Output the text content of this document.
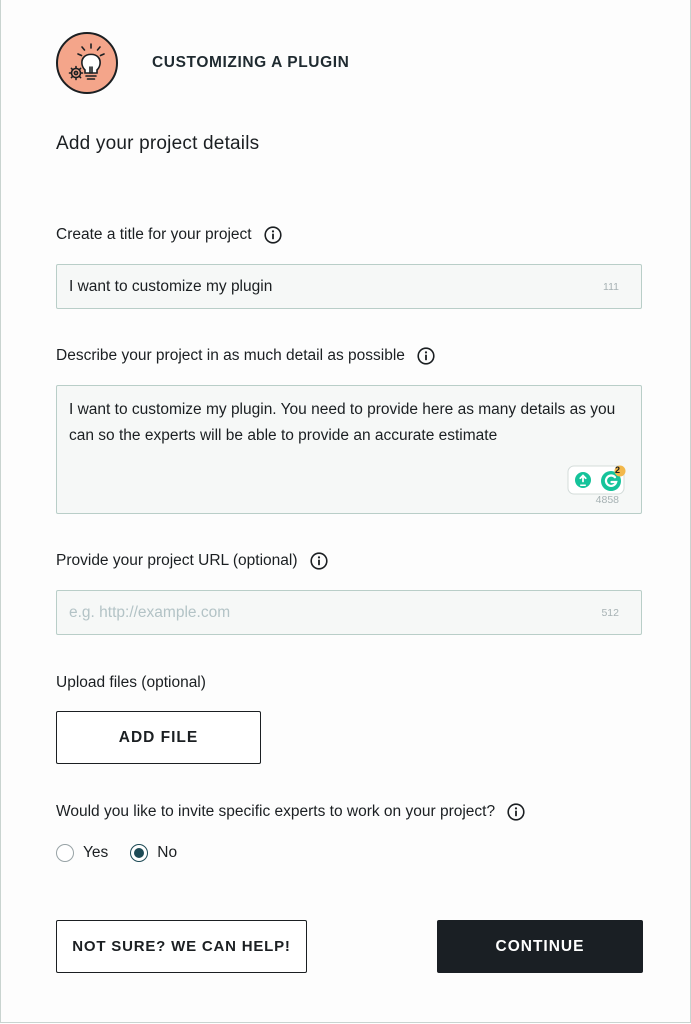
CUSTOMIZING A PLUGIN
Add your project details
Create a title for your project
I want to customize my plugin
111
Describe your project in as much detail as possible
I want to customize my plugin. You need to provide here as many details as you can so the experts will be able to provide an accurate estimate
2
4858
Provide your project URL (optional)
e.g. http://example.com
512
Upload files (optional)
ADD FILE
Would you like to invite specific experts to work on your project?
Yes	No
NOT SURE? WE CAN HELP!	CONTINUE
